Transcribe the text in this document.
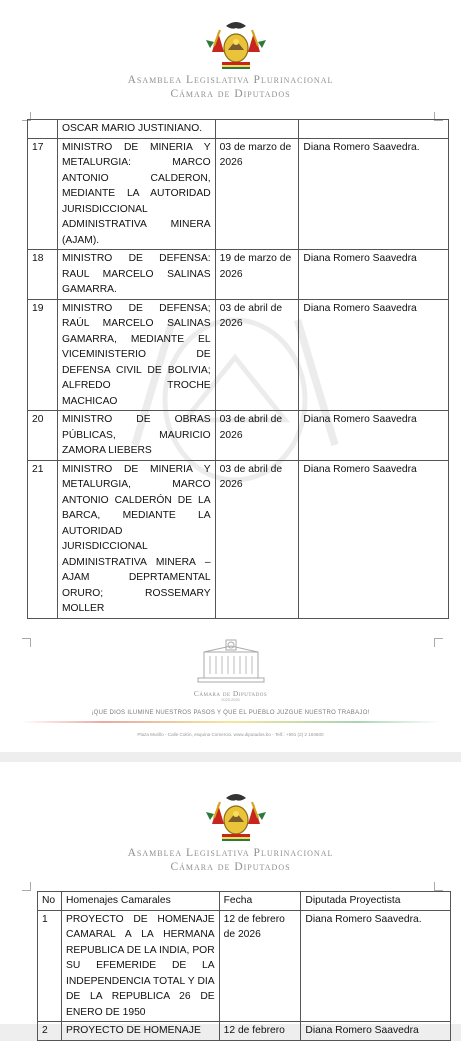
Asamblea Legislativa Plurinacional
Cámara de Diputados
	OSCAR MARIO JUSTINIANO.		
17	MINISTRO DE MINERIA Y METALURGIA: MARCO ANTONIO CALDERON, MEDIANTE LA AUTORIDAD JURISDICCIONAL ADMINISTRATIVA MINERA (AJAM).	03 de marzo de 2026	Diana Romero Saavedra.
18	MINISTRO DE DEFENSA: RAUL MARCELO SALINAS GAMARRA.	19 de marzo de 2026	Diana Romero Saavedra
19	MINISTRO DE DEFENSA; RAÚL MARCELO SALINAS GAMARRA, MEDIANTE EL VICEMINISTERIO DE DEFENSA CIVIL DE BOLIVIA; ALFREDO TROCHE MACHICAO	03 de abril de 2026	Diana Romero Saavedra
20	MINISTRO DE OBRAS PÚBLICAS, MAURICIO ZAMORA LIEBERS	03 de abril de 2026	Diana Romero Saavedra
21	MINISTRO DE MINERIA Y METALURGIA, MARCO ANTONIO CALDERÓN DE LA BARCA, MEDIANTE LA AUTORIDAD JURISDICCIONAL ADMINISTRATIVA MINERA – AJAM DEPRTAMENTAL ORURO; ROSSEMARY MOLLER	03 de abril de 2026	Diana Romero Saavedra
Cámara de Diputados
2025-2026
¡QUE DIOS ILUMINE NUESTROS PASOS Y QUE EL PUEBLO JUZGUE NUESTRO TRABAJO!
Plaza Murillo - Calle Colón, esquina Comercio. www.diputados.bo - Telf.: +591 (2) 2 184600
Asamblea Legislativa Plurinacional
Cámara de Diputados
No	Homenajes Camarales	Fecha	Diputada Proyectista
1	PROYECTO DE HOMENAJE CAMARAL A LA HERMANA REPUBLICA DE LA INDIA, POR SU EFEMERIDE DE LA INDEPENDENCIA TOTAL Y DIA DE LA REPUBLICA 26 DE ENERO DE 1950	12 de febrero de 2026	Diana Romero Saavedra.
2	PROYECTO DE HOMENAJE	12 de febrero	Diana Romero Saavedra
